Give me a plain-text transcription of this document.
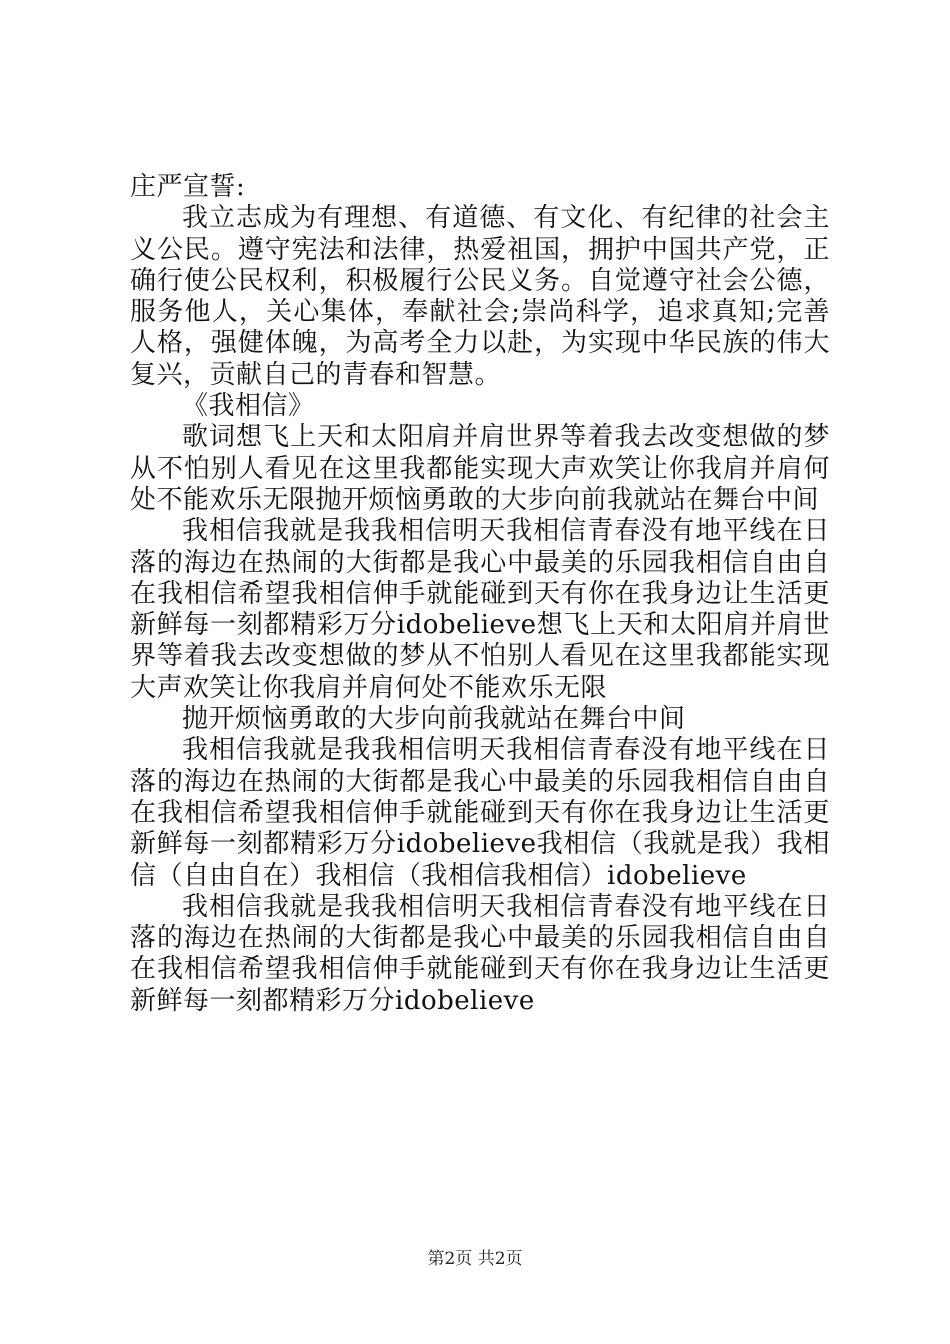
庄严宣誓:

我立志成为有理想、有道德、有文化、有纪律的社会主义公民。遵守宪法和法律，热爱祖国，拥护中国共产党，正确行使公民权利，积极履行公民义务。自觉遵守社会公德，服务他人，关心集体，奉献社会;崇尚科学，追求真知;完善人格，强健体魄，为高考全力以赴，为实现中华民族的伟大复兴，贡献自己的青春和智慧。

《我相信》

歌词想飞上天和太阳肩并肩世界等着我去改变想做的梦从不怕别人看见在这里我都能实现大声欢笑让你我肩并肩何处不能欢乐无限抛开烦恼勇敢的大步向前我就站在舞台中间

我相信我就是我我相信明天我相信青春没有地平线在日落的海边在热闹的大街都是我心中最美的乐园我相信自由自在我相信希望我相信伸手就能碰到天有你在我身边让生活更新鲜每一刻都精彩万分idobelieve想飞上天和太阳肩并肩世界等着我去改变想做的梦从不怕别人看见在这里我都能实现大声欢笑让你我肩并肩何处不能欢乐无限

抛开烦恼勇敢的大步向前我就站在舞台中间

我相信我就是我我相信明天我相信青春没有地平线在日落的海边在热闹的大街都是我心中最美的乐园我相信自由自在我相信希望我相信伸手就能碰到天有你在我身边让生活更新鲜每一刻都精彩万分idobelieve我相信（我就是我）我相信（自由自在）我相信（我相信我相信）idobelieve

我相信我就是我我相信明天我相信青春没有地平线在日落的海边在热闹的大街都是我心中最美的乐园我相信自由自在我相信希望我相信伸手就能碰到天有你在我身边让生活更新鲜每一刻都精彩万分idobelieve

第2页 共2页
